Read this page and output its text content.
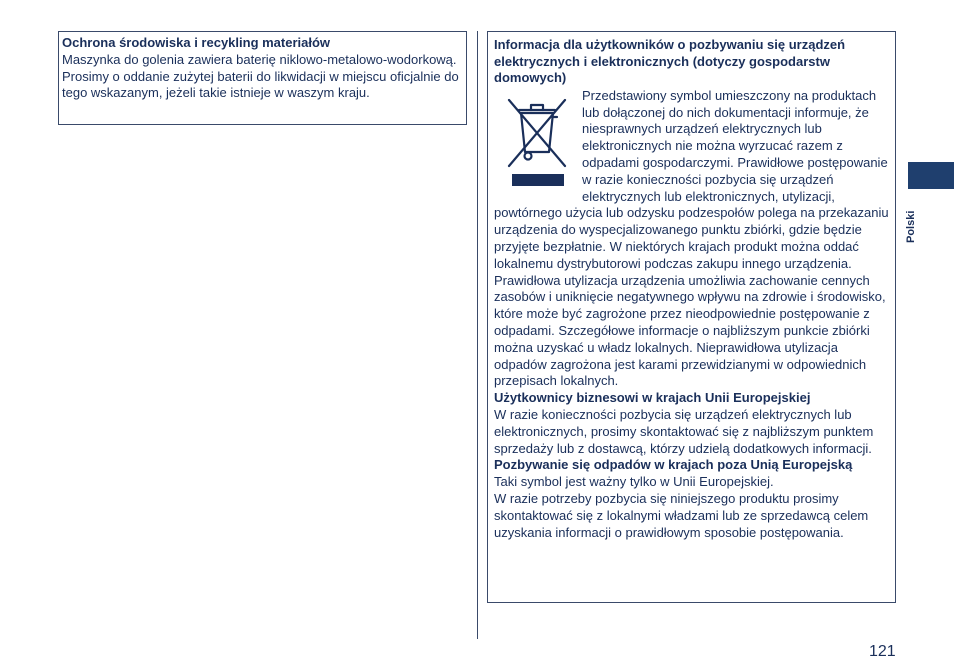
Ochrona środowiska i recykling materiałów

Maszynka do golenia zawiera baterię niklowo-metalowo-wodorkową. Prosimy o oddanie zużytej baterii do likwidacji w miejscu oficjalnie do tego wskazanym, jeżeli takie istnieje w waszym kraju.

Informacja dla użytkowników o pozbywaniu się urządzeń elektrycznych i elektronicznych (dotyczy gospodarstw domowych)

Przedstawiony symbol umieszczony na produktach lub dołączonej do nich dokumentacji informuje, że niesprawnych urządzeń elektrycznych lub elektronicznych nie można wyrzucać razem z odpadami gospodarczymi. Prawidłowe postępowanie w razie konieczności pozbycia się urządzeń elektrycznych lub elektronicznych, utylizacji, powtórnego użycia lub odzysku podzespołów polega na przekazaniu urządzenia do wyspecjalizowanego punktu zbiórki, gdzie będzie przyjęte bezpłatnie. W niektórych krajach produkt można oddać lokalnemu dystrybutorowi podczas zakupu innego urządzenia. Prawidłowa utylizacja urządzenia umożliwia zachowanie cennych zasobów i uniknięcie negatywnego wpływu na zdrowie i środowisko, które może być zagrożone przez nieodpowiednie postępowanie z odpadami. Szczegółowe informacje o najbliższym punkcie zbiórki można uzyskać u władz lokalnych. Nieprawidłowa utylizacja odpadów zagrożona jest karami przewidzianymi w odpowiednich przepisach lokalnych.

Użytkownicy biznesowi w krajach Unii Europejskiej

W razie konieczności pozbycia się urządzeń elektrycznych lub elektronicznych, prosimy skontaktować się z najbliższym punktem sprzedaży lub z dostawcą, którzy udzielą dodatkowych informacji.

Pozbywanie się odpadów w krajach poza Unią Europejską

Taki symbol jest ważny tylko w Unii Europejskiej.

W razie potrzeby pozbycia się niniejszego produktu prosimy skontaktować się z lokalnymi władzami lub ze sprzedawcą celem uzyskania informacji o prawidłowym sposobie postępowania.

Polski
121
